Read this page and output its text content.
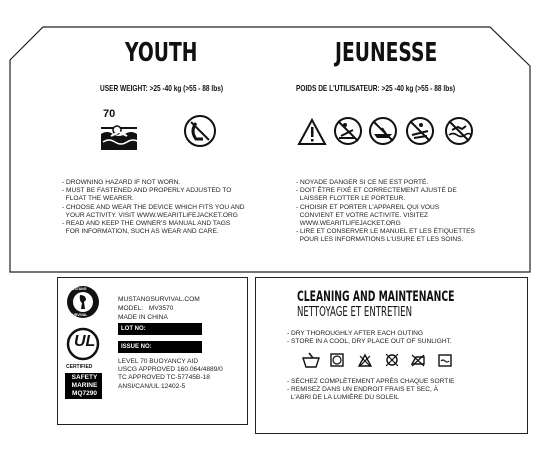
YOUTH
USER WEIGHT: >25 -40 kg (>55 - 88 lbs)
JEUNESSE
POIDS DE L'UTILISATEUR: >25 -40 kg (>55 - 88 lbs)
70
- DROWNING HAZARD IF NOT WORN.
- MUST BE FASTENED AND PROPERLY ADJUSTED TO
FLOAT THE WEARER.
- CHOOSE AND WEAR THE DEVICE WHICH FITS YOU AND
YOUR ACTIVITY. VISIT WWW.WEARITLIFEJACKET.ORG
- READ AND KEEP THE OWNER'S MANUAL AND TAGS
FOR INFORMATION, SUCH AS WEAR AND CARE.
- NOYADE DANGER SI CE NE EST PORTÉ.
- DOIT ÊTRE FIXÉ ET CORRECTEMENT AJUSTÉ DE
LAISSER FLOTTER LE PORTEUR.
- CHOISIR ET PORTER L'APPAREIL QUI VOUS
CONVIENT ET VOTRE ACTIVITE. VISITEZ
WWW.WEARITLIFEJACKET.ORG
- LIRE ET CONSERVER LE MANUEL ET LES ÉTIQUETTES
POUR LES INFORMATIONS L'USURE ET LES SOINS.
MUSTANG
SURVIVAL
UL
CERTIFIED
SAFETY
MARINE
MQ7290
MUSTANGSURVIVAL.COM
MODEL:   MV3570
MADE IN CHINA
LOT NO:
ISSUE NO:
LEVEL 70 BUOYANCY AID
USCG APPROVED 160.064/4889/0
TC APPROVED TC-57745B-18
ANSI/CAN/UL 12402-5
CLEANING AND MAINTENANCE
NETTOYAGE ET ENTRETIEN
- DRY THOROUGHLY AFTER EACH OUTING
- STORE IN A COOL, DRY PLACE OUT OF SUNLIGHT.
- SÉCHEZ COMPLÈTEMENT APRÈS CHAQUE SORTIE
- REMISEZ DANS UN ENDROIT FRAIS ET SEC, À
L'ABRI DE LA LUMIÈRE DU SOLEIL
